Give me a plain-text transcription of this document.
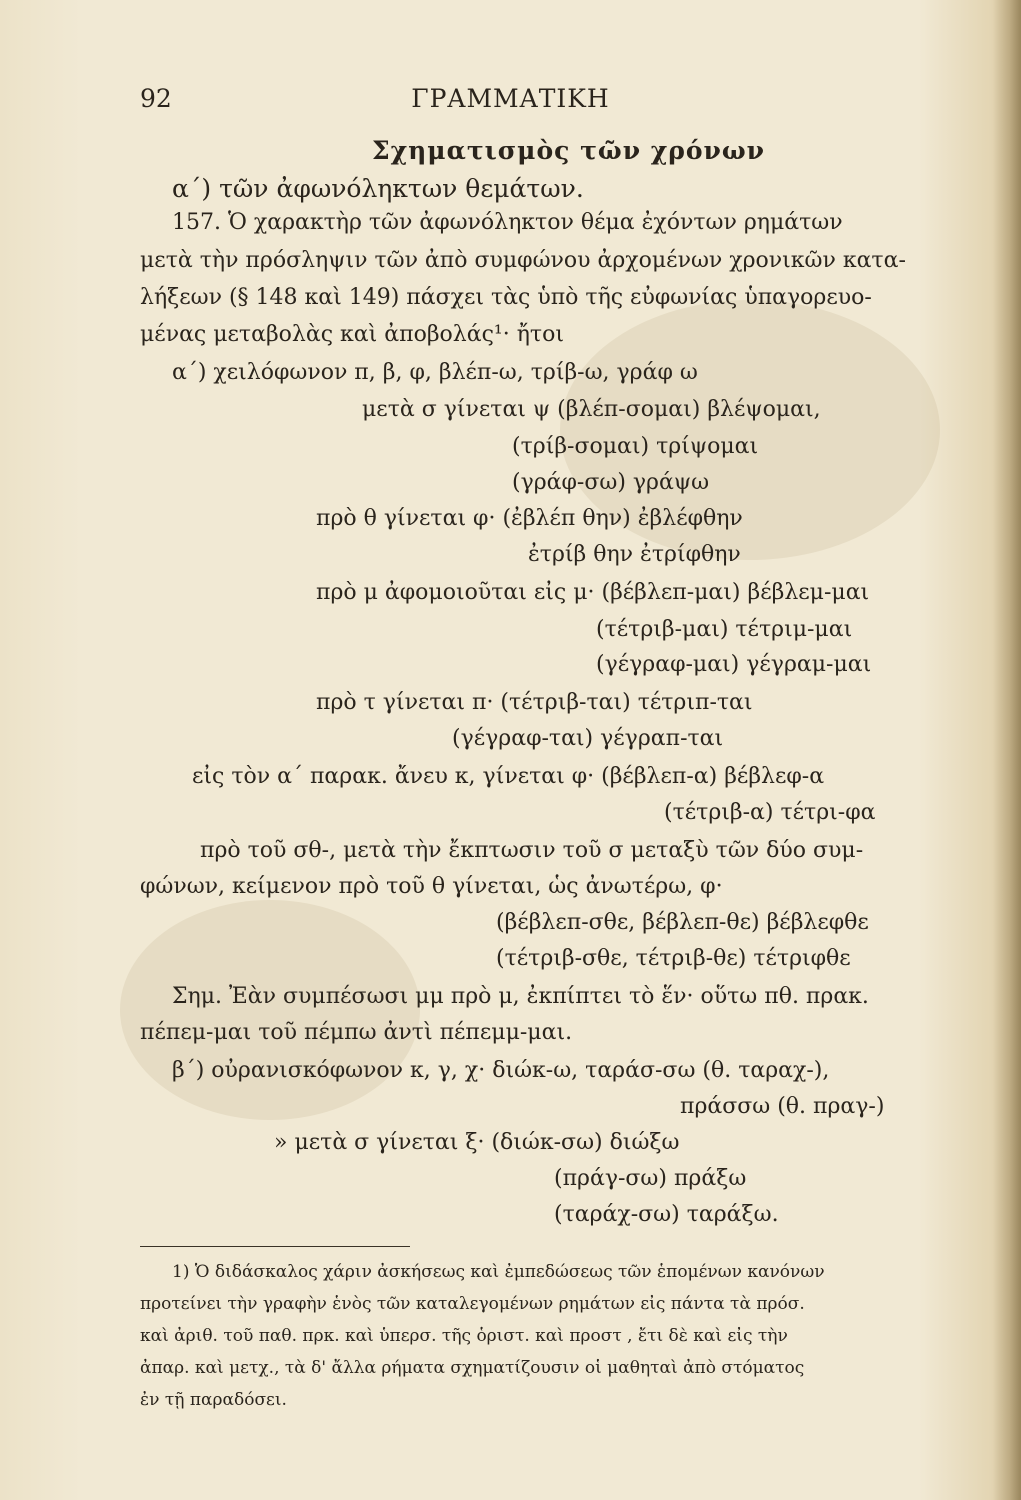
92	ΓΡΑΜΜΑΤΙΚΗ
Σχηματισμὸς τῶν χρόνων
α΄) τῶν ἀφωνόληκτων θεμάτων.
157. Ὁ χαρακτὴρ τῶν ἀφωνόληκτον θέμα ἐχόντων ρημάτων
μετὰ τὴν πρόσληψιν τῶν ἀπὸ συμφώνου ἀρχομένων χρονικῶν κατα-
λήξεων (§ 148 καὶ 149) πάσχει τὰς ὑπὸ τῆς εὐφωνίας ὑπαγορευο-
μένας μεταβολὰς καὶ ἀποβολάς¹· ἤτοι
α΄) χειλόφωνον π, β, φ, βλέπ-ω, τρίβ-ω, γράφ ω
μετὰ σ γίνεται ψ (βλέπ-σομαι) βλέψομαι,
(τρίβ-σομαι) τρίψομαι
(γράφ-σω) γράψω
πρὸ θ γίνεται φ· (ἐβλέπ θην) ἐβλέφθην
ἐτρίβ θην ἐτρίφθην
πρὸ μ ἀφομοιοῦται εἰς μ· (βέβλεπ-μαι) βέβλεμ-μαι
(τέτριβ-μαι) τέτριμ-μαι
(γέγραφ-μαι) γέγραμ-μαι
πρὸ τ γίνεται π· (τέτριβ-ται) τέτριπ-ται
(γέγραφ-ται) γέγραπ-ται
εἰς τὸν α΄ παρακ. ἄνευ κ, γίνεται φ· (βέβλεπ-α) βέβλεφ-α
(τέτριβ-α) τέτρι-φα
πρὸ τοῦ σθ-, μετὰ τὴν ἔκπτωσιν τοῦ σ μεταξὺ τῶν δύο συμ-
φώνων, κείμενον πρὸ τοῦ θ γίνεται, ὡς ἀνωτέρω, φ·
(βέβλεπ-σθε, βέβλεπ-θε) βέβλεφθε
(τέτριβ-σθε, τέτριβ-θε) τέτριφθε
Σημ. Ἐὰν συμπέσωσι μμ πρὸ μ, ἐκπίπτει τὸ ἕν· οὕτω πθ. πρακ.
πέπεμ-μαι τοῦ πέμπω ἀντὶ πέπεμμ-μαι.
β΄) οὐρανισκόφωνον κ, γ, χ· διώκ-ω, ταράσ-σω (θ. ταραχ-),
πράσσω (θ. πραγ-)
» μετὰ σ γίνεται ξ· (διώκ-σω) διώξω
(πράγ-σω) πράξω
(ταράχ-σω) ταράξω.
1) Ὁ διδάσκαλος χάριν ἀσκήσεως καὶ ἐμπεδώσεως τῶν ἑπομένων κανόνων
προτείνει τὴν γραφὴν ἑνὸς τῶν καταλεγομένων ρημάτων εἰς πάντα τὰ πρόσ.
καὶ ἀριθ. τοῦ παθ. πρκ. καὶ ὑπερσ. τῆς ὁριστ. καὶ προστ , ἔτι δὲ καὶ εἰς τὴν
ἀπαρ. καὶ μετχ., τὰ δ' ἄλλα ρήματα σχηματίζουσιν οἱ μαθηταὶ ἀπὸ στόματος
ἐν τῇ παραδόσει.
